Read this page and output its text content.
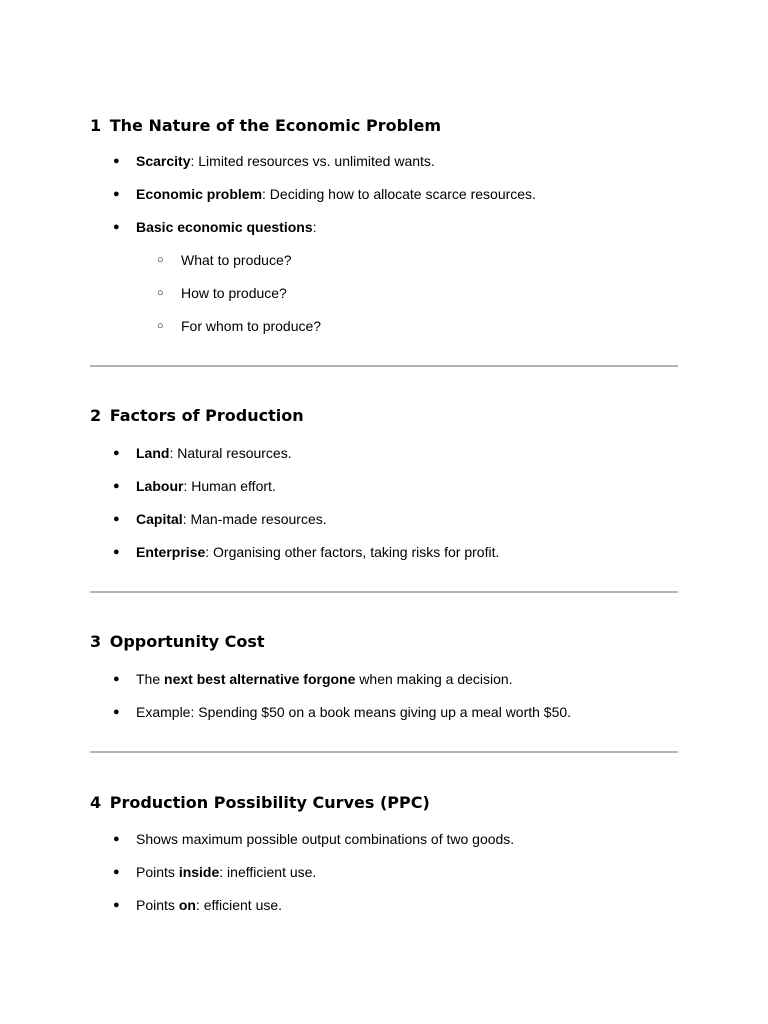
1 The Nature of the Economic Problem
● Scarcity: Limited resources vs. unlimited wants.
● Economic problem: Deciding how to allocate scarce resources.
● Basic economic questions:
○ What to produce?
○ How to produce?
○ For whom to produce?
2 Factors of Production
● Land: Natural resources.
● Labour: Human effort.
● Capital: Man-made resources.
● Enterprise: Organising other factors, taking risks for profit.
3 Opportunity Cost
● The next best alternative forgone when making a decision.
● Example: Spending $50 on a book means giving up a meal worth $50.
4 Production Possibility Curves (PPC)
● Shows maximum possible output combinations of two goods.
● Points inside: inefficient use.
● Points on: efficient use.
